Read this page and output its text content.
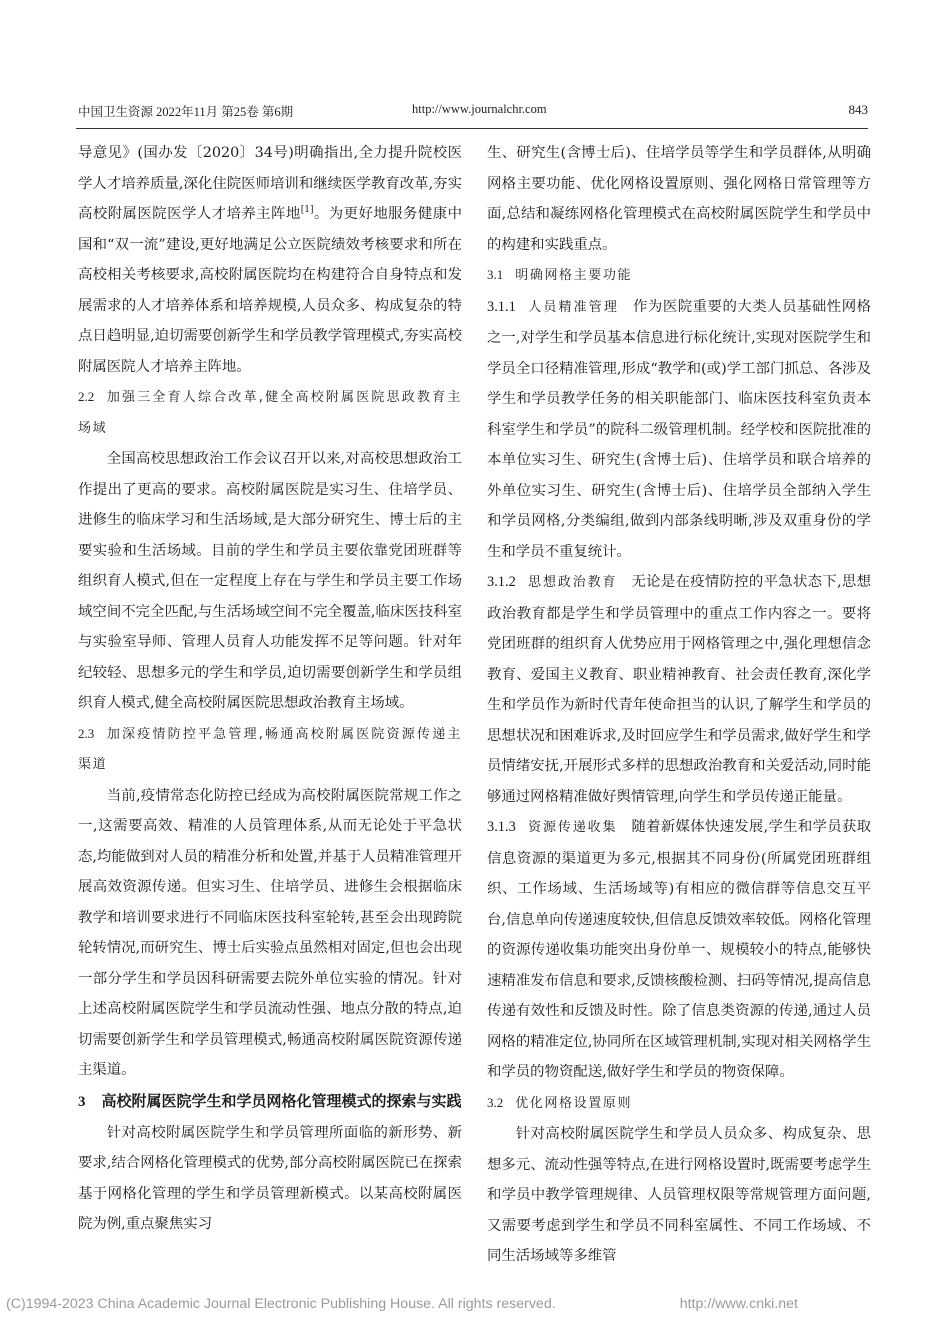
中国卫生资源 2022年11月 第25卷 第6期	http://www.journalchr.com	843

导意见》(国办发〔2020〕34号)明确指出,全力提升院校医学人才培养质量,深化住院医师培训和继续医学教育改革,夯实高校附属医院医学人才培养主阵地[1]。为更好地服务健康中国和“双一流”建设,更好地满足公立医院绩效考核要求和所在高校相关考核要求,高校附属医院均在构建符合自身特点和发展需求的人才培养体系和培养规模,人员众多、构成复杂的特点日趋明显,迫切需要创新学生和学员教学管理模式,夯实高校附属医院人才培养主阵地。

2.2 加强三全育人综合改革,健全高校附属医院思政教育主场域

全国高校思想政治工作会议召开以来,对高校思想政治工作提出了更高的要求。高校附属医院是实习生、住培学员、进修生的临床学习和生活场域,是大部分研究生、博士后的主要实验和生活场域。目前的学生和学员主要依靠党团班群等组织育人模式,但在一定程度上存在与学生和学员主要工作场域空间不完全匹配,与生活场域空间不完全覆盖,临床医技科室与实验室导师、管理人员育人功能发挥不足等问题。针对年纪较轻、思想多元的学生和学员,迫切需要创新学生和学员组织育人模式,健全高校附属医院思想政治教育主场域。

2.3 加深疫情防控平急管理,畅通高校附属医院资源传递主渠道

当前,疫情常态化防控已经成为高校附属医院常规工作之一,这需要高效、精准的人员管理体系,从而无论处于平急状态,均能做到对人员的精准分析和处置,并基于人员精准管理开展高效资源传递。但实习生、住培学员、进修生会根据临床教学和培训要求进行不同临床医技科室轮转,甚至会出现跨院轮转情况,而研究生、博士后实验点虽然相对固定,但也会出现一部分学生和学员因科研需要去院外单位实验的情况。针对上述高校附属医院学生和学员流动性强、地点分散的特点,迫切需要创新学生和学员管理模式,畅通高校附属医院资源传递主渠道。

3 高校附属医院学生和学员网格化管理模式的探索与实践

针对高校附属医院学生和学员管理所面临的新形势、新要求,结合网格化管理模式的优势,部分高校附属医院已在探索基于网格化管理的学生和学员管理新模式。以某高校附属医院为例,重点聚焦实习

生、研究生(含博士后)、住培学员等学生和学员群体,从明确网格主要功能、优化网格设置原则、强化网格日常管理等方面,总结和凝练网格化管理模式在高校附属医院学生和学员中的构建和实践重点。

3.1 明确网格主要功能

3.1.1 人员精准管理 作为医院重要的大类人员基础性网格之一,对学生和学员基本信息进行标化统计,实现对医院学生和学员全口径精准管理,形成“教学和(或)学工部门抓总、各涉及学生和学员教学任务的相关职能部门、临床医技科室负责本科室学生和学员”的院科二级管理机制。经学校和医院批准的本单位实习生、研究生(含博士后)、住培学员和联合培养的外单位实习生、研究生(含博士后)、住培学员全部纳入学生和学员网格,分类编组,做到内部条线明晰,涉及双重身份的学生和学员不重复统计。

3.1.2 思想政治教育 无论是在疫情防控的平急状态下,思想政治教育都是学生和学员管理中的重点工作内容之一。要将党团班群的组织育人优势应用于网格管理之中,强化理想信念教育、爱国主义教育、职业精神教育、社会责任教育,深化学生和学员作为新时代青年使命担当的认识,了解学生和学员的思想状况和困难诉求,及时回应学生和学员需求,做好学生和学员情绪安抚,开展形式多样的思想政治教育和关爱活动,同时能够通过网格精准做好舆情管理,向学生和学员传递正能量。

3.1.3 资源传递收集 随着新媒体快速发展,学生和学员获取信息资源的渠道更为多元,根据其不同身份(所属党团班群组织、工作场域、生活场域等)有相应的微信群等信息交互平台,信息单向传递速度较快,但信息反馈效率较低。网格化管理的资源传递收集功能突出身份单一、规模较小的特点,能够快速精准发布信息和要求,反馈核酸检测、扫码等情况,提高信息传递有效性和反馈及时性。除了信息类资源的传递,通过人员网格的精准定位,协同所在区域管理机制,实现对相关网格学生和学员的物资配送,做好学生和学员的物资保障。

3.2 优化网格设置原则

针对高校附属医院学生和学员人员众多、构成复杂、思想多元、流动性强等特点,在进行网格设置时,既需要考虑学生和学员中教学管理规律、人员管理权限等常规管理方面问题,又需要考虑到学生和学员不同科室属性、不同工作场域、不同生活场域等多维管

(C)1994-2023 China Academic Journal Electronic Publishing House. All rights reserved.	http://www.cnki.net
